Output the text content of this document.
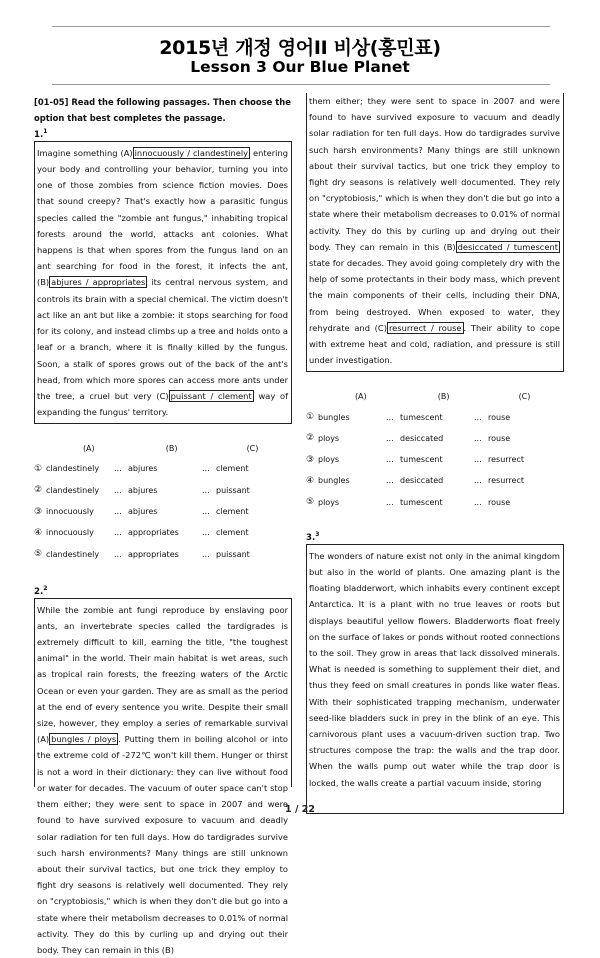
2015년 개정 영어II 비상(홍민표)
Lesson 3 Our Blue Planet
[01-05] Read the following passages. Then choose the option that best completes the passage.
1.$^1$
Imagine something (A) innocuously / clandestinely entering your body and controlling your behavior, turning you into one of those zombies from science fiction movies. Does that sound creepy? That's exactly how a parasitic fungus species called the "zombie ant fungus," inhabiting tropical forests around the world, attacks ant colonies. What happens is that when spores from the fungus land on an ant searching for food in the forest, it infects the ant, (B) abjures / appropriates its central nervous system, and controls its brain with a special chemical. The victim doesn't act like an ant but like a zombie: it stops searching for food for its colony, and instead climbs up a tree and holds onto a leaf or a branch, where it is finally killed by the fungus. Soon, a stalk of spores grows out of the back of the ant's head, from which more spores can access more ants under the tree, a cruel but very (C) puissant / clement way of expanding the fungus' territory.
(A)	(B)	(C)
① clandestinely	... abjures	... clement
② clandestinely	... abjures	... puissant
③ innocuously	... abjures	... clement
④ innocuously	... appropriates	... clement
⑤ clandestinely	... appropriates	... puissant
2.$^2$
While the zombie ant fungi reproduce by enslaving poor ants, an invertebrate species called the tardigrades is extremely difficult to kill, earning the title, "the toughest animal" in the world. Their main habitat is wet areas, such as tropical rain forests, the freezing waters of the Arctic Ocean or even your garden. They are as small as the period at the end of every sentence you write. Despite their small size, however, they employ a series of remarkable survival (A) bungles / ploys . Putting them in boiling alcohol or into the extreme cold of -272℃ won't kill them. Hunger or thirst is not a word in their dictionary: they can live without food or water for decades. The vacuum of outer space can't stop them either; they were sent to space in 2007 and were found to have survived exposure to vacuum and deadly solar radiation for ten full days. How do tardigrades survive such harsh environments? Many things are still unknown about their survival tactics, but one trick they employ to fight dry seasons is relatively well documented. They rely on "cryptobiosis," which is when they don't die but go into a state where their metabolism decreases to 0.01% of normal activity. They do this by curling up and drying out their body. They can remain in this (B)
them either; they were sent to space in 2007 and were found to have survived exposure to vacuum and deadly solar radiation for ten full days. How do tardigrades survive such harsh environments? Many things are still unknown about their survival tactics, but one trick they employ to fight dry seasons is relatively well documented. They rely on "cryptobiosis," which is when they don't die but go into a state where their metabolism decreases to 0.01% of normal activity. They do this by curling up and drying out their body. They can remain in this (B) desiccated / tumescent state for decades. They avoid going completely dry with the help of some protectants in their body mass, which prevent the main components of their cells, including their DNA, from being destroyed. When exposed to water, they rehydrate and (C) resurrect / rouse . Their ability to cope with extreme heat and cold, radiation, and pressure is still under investigation.
(A)	(B)	(C)
① bungles	... tumescent	... rouse
② ploys	... desiccated	... rouse
③ ploys	... tumescent	... resurrect
④ bungles	... desiccated	... resurrect
⑤ ploys	... tumescent	... rouse
3.$^3$
The wonders of nature exist not only in the animal kingdom but also in the world of plants. One amazing plant is the floating bladderwort, which inhabits every continent except Antarctica. It is a plant with no true leaves or roots but displays beautiful yellow flowers. Bladderworts float freely on the surface of lakes or ponds without rooted connections to the soil. They grow in areas that lack dissolved minerals. What is needed is something to supplement their diet, and thus they feed on small creatures in ponds like water fleas. With their sophisticated trapping mechanism, underwater seed-like bladders suck in prey in the blink of an eye. This carnivorous plant uses a vacuum-driven suction trap. Two structures compose the trap: the walls and the trap door. When the walls pump out water while the trap door is locked, the walls create a partial vacuum inside, storing
1 / 22
